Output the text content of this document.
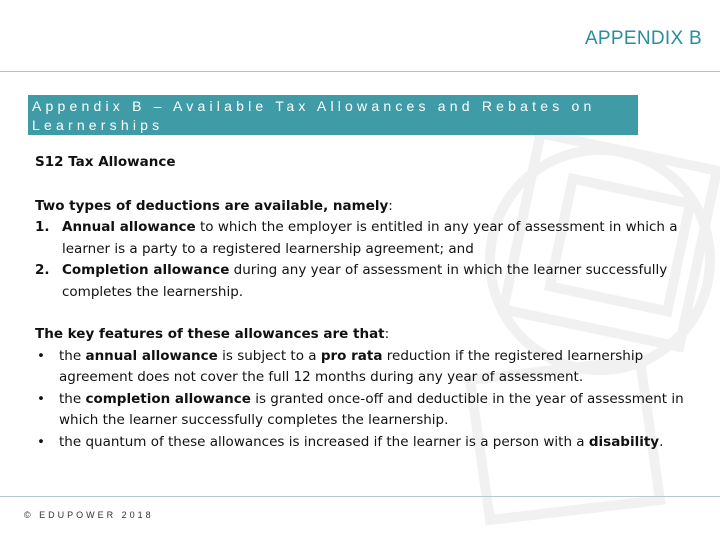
APPENDIX B
Appendix B – Available Tax Allowances and Rebates on
Learnerships

S12 Tax Allowance

Two types of deductions are available, namely:

1. Annual allowance to which the employer is entitled in any year of assessment in which a learner is a party to a registered learnership agreement; and
2. Completion allowance during any year of assessment in which the learner successfully completes the learnership.

The key features of these allowances are that:

•	the annual allowance is subject to a pro rata reduction if the registered learnership agreement does not cover the full 12 months during any year of assessment.
•	the completion allowance is granted once-off and deductible in the year of assessment in which the learner successfully completes the learnership.
•	the quantum of these allowances is increased if the learner is a person with a disability.
© EDUPOWER 2018
